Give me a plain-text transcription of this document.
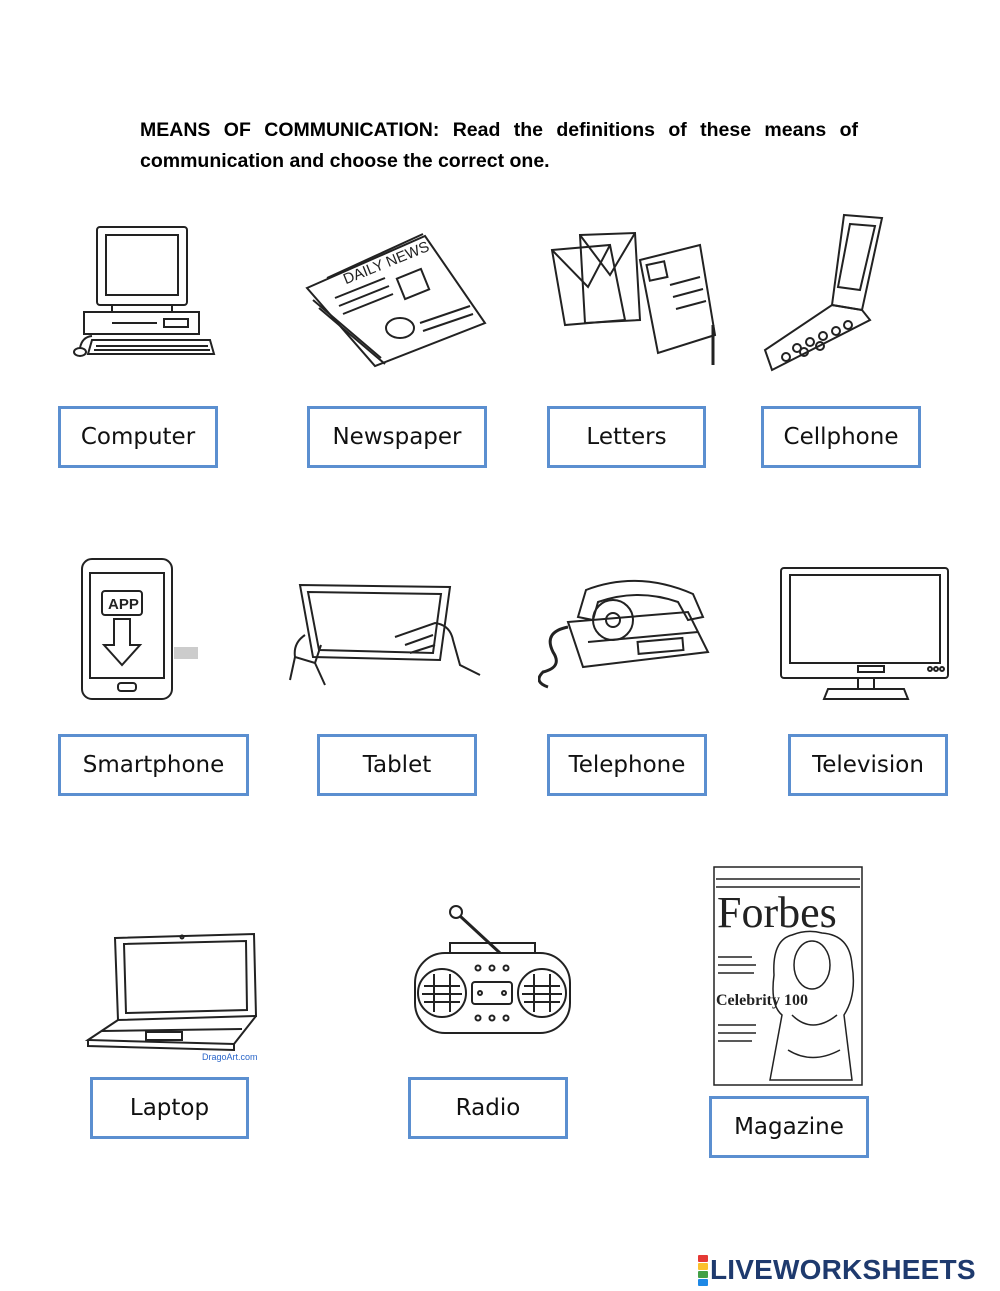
MEANS OF COMMUNICATION: Read the definitions of these means of communication and choose the correct one.
DAILY NEWS
Computer	Newspaper	Letters	Cellphone
APP
Smartphone	Tablet	Telephone	Television
DragoArt.com
Forbes
Celebrity 100
Laptop	Radio
Magazine
LIVEWORKSHEETS
